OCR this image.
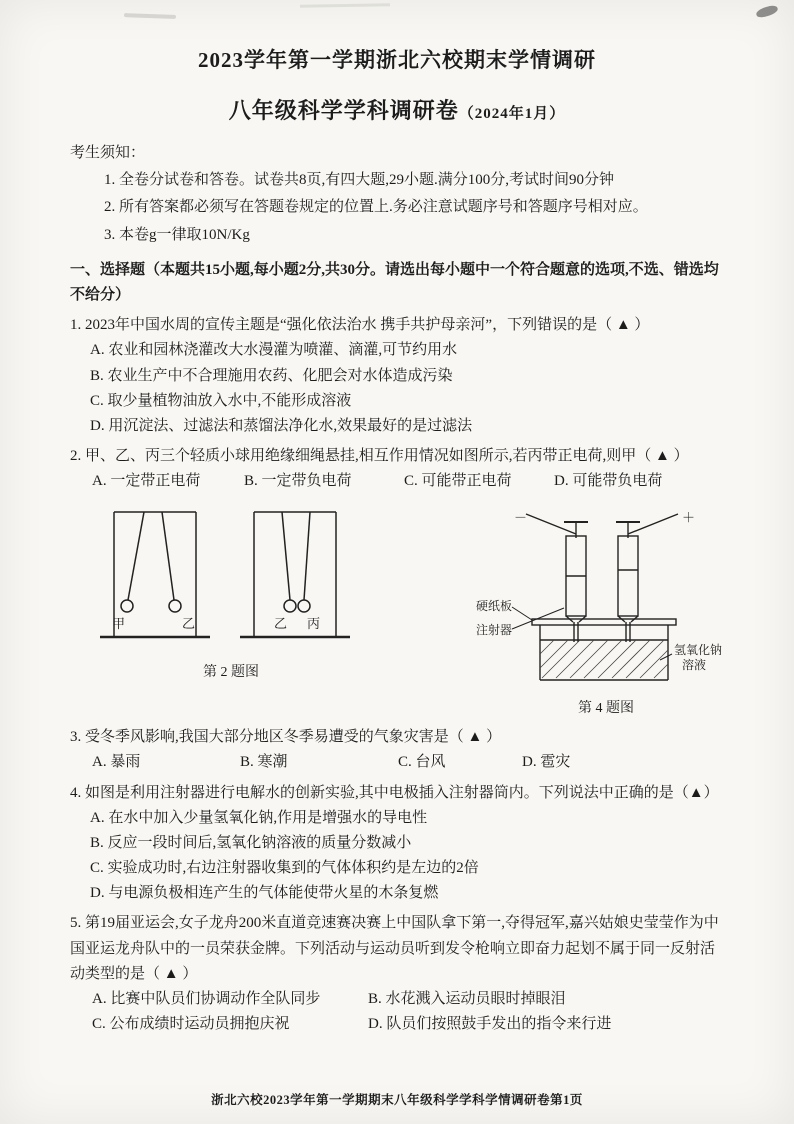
2023学年第一学期浙北六校期末学情调研
八年级科学学科调研卷（2024年1月）
考生须知：
1. 全卷分试卷和答卷。试卷共8页,有四大题,29小题.满分100分,考试时间90分钟
2. 所有答案都必须写在答题卷规定的位置上.务必注意试题序号和答题序号相对应。
3. 本卷g一律取10N/Kg
一、选择题（本题共15小题,每小题2分,共30分。请选出每小题中一个符合题意的选项,不选、错选均不给分）
1. 2023年中国水周的宣传主题是“强化依法治水 携手共护母亲河”，下列错误的是（ ▲ ）
A. 农业和园林浇灌改大水漫灌为喷灌、滴灌,可节约用水
B. 农业生产中不合理施用农药、化肥会对水体造成污染
C. 取少量植物油放入水中,不能形成溶液
D. 用沉淀法、过滤法和蒸馏法净化水,效果最好的是过滤法
2. 甲、乙、丙三个轻质小球用绝缘细绳悬挂,相互作用情况如图所示,若丙带正电荷,则甲（ ▲ ）
A. 一定带正电荷	B. 一定带负电荷	C. 可能带正电荷	D. 可能带负电荷
甲	乙	乙 丙
第 2 题图
－	＋
硬纸板
注射器
氢氧化钠
溶液
第 4 题图
3. 受冬季风影响,我国大部分地区冬季易遭受的气象灾害是（ ▲ ）
A. 暴雨	B. 寒潮	C. 台风	D. 雹灾
4. 如图是利用注射器进行电解水的创新实验,其中电极插入注射器筒内。下列说法中正确的是（▲）
A. 在水中加入少量氢氧化钠,作用是增强水的导电性
B. 反应一段时间后,氢氧化钠溶液的质量分数减小
C. 实验成功时,右边注射器收集到的气体体积约是左边的2倍
D. 与电源负极相连产生的气体能使带火星的木条复燃
5. 第19届亚运会,女子龙舟200米直道竞速赛决赛上中国队拿下第一,夺得冠军,嘉兴姑娘史莹莹作为中国亚运龙舟队中的一员荣获金牌。下列活动与运动员听到发令枪响立即奋力起划不属于同一反射活动类型的是（ ▲ ）
A. 比赛中队员们协调动作全队同步	B. 水花溅入运动员眼时掉眼泪
C. 公布成绩时运动员拥抱庆祝	D. 队员们按照鼓手发出的指令来行进
浙北六校2023学年第一学期期末八年级科学学科学情调研卷第1页
